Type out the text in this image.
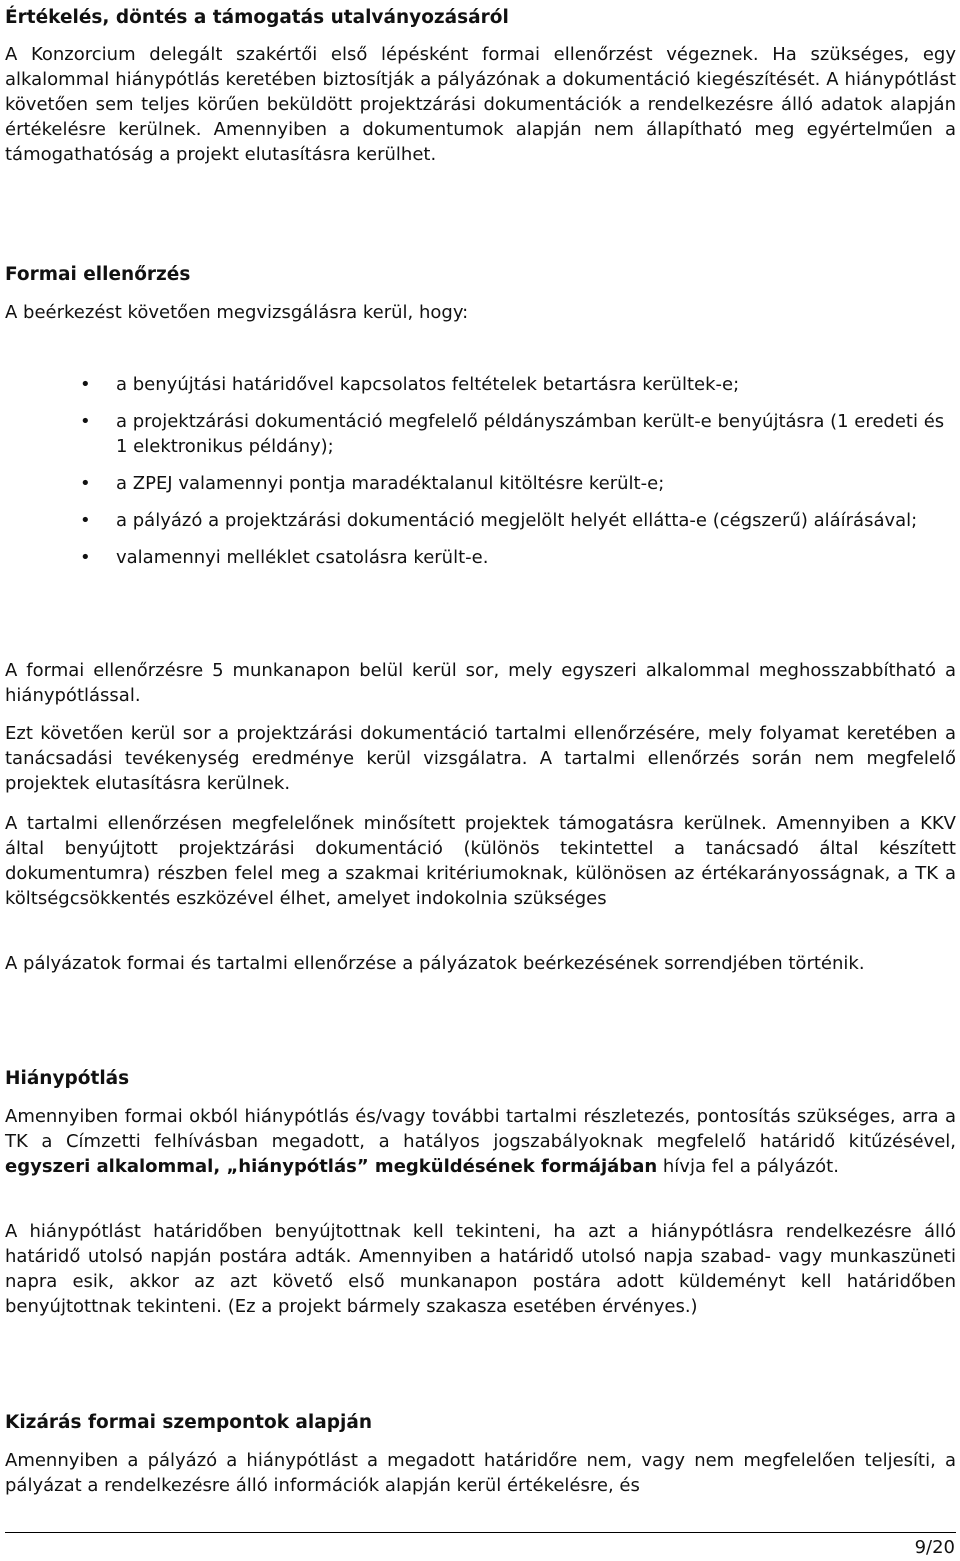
Értékelés, döntés a támogatás utalványozásáról

A Konzorcium delegált szakértői első lépésként formai ellenőrzést végeznek. Ha szükséges, egy alkalommal hiánypótlás keretében biztosítják a pályázónak a dokumentáció kiegészítését. A hiánypótlást követően sem teljes körűen beküldött projektzárási dokumentációk a rendelkezésre álló adatok alapján értékelésre kerülnek. Amennyiben a dokumentumok alapján nem állapítható meg egyértelműen a támogathatóság a projekt elutasításra kerülhet.

Formai ellenőrzés

A beérkezést követően megvizsgálásra kerül, hogy:

• a benyújtási határidővel kapcsolatos feltételek betartásra kerültek-e;
• a projektzárási dokumentáció megfelelő példányszámban került-e benyújtásra (1 eredeti és 1 elektronikus példány);
• a ZPEJ valamennyi pontja maradéktalanul kitöltésre került-e;
• a pályázó a projektzárási dokumentáció megjelölt helyét ellátta-e (cégszerű) aláírásával;
• valamennyi melléklet csatolásra került-e.

A formai ellenőrzésre 5 munkanapon belül kerül sor, mely egyszeri alkalommal meghosszabbítható a hiánypótlással.

Ezt követően kerül sor a projektzárási dokumentáció tartalmi ellenőrzésére, mely folyamat keretében a tanácsadási tevékenység eredménye kerül vizsgálatra. A tartalmi ellenőrzés során nem megfelelő projektek elutasításra kerülnek.

A tartalmi ellenőrzésen megfelelőnek minősített projektek támogatásra kerülnek. Amennyiben a KKV által benyújtott projektzárási dokumentáció (különös tekintettel a tanácsadó által készített dokumentumra) részben felel meg a szakmai kritériumoknak, különösen az értékarányosságnak, a TK a költségcsökkentés eszközével élhet, amelyet indokolnia szükséges

A pályázatok formai és tartalmi ellenőrzése a pályázatok beérkezésének sorrendjében történik.

Hiánypótlás

Amennyiben formai okból hiánypótlás és/vagy további tartalmi részletezés, pontosítás szükséges, arra a TK a Címzetti felhívásban megadott, a hatályos jogszabályoknak megfelelő határidő kitűzésével, egyszeri alkalommal, „hiánypótlás” megküldésének formájában hívja fel a pályázót.

A hiánypótlást határidőben benyújtottnak kell tekinteni, ha azt a hiánypótlásra rendelkezésre álló határidő utolsó napján postára adták. Amennyiben a határidő utolsó napja szabad- vagy munkaszüneti napra esik, akkor az azt követő első munkanapon postára adott küldeményt kell határidőben benyújtottnak tekinteni. (Ez a projekt bármely szakasza esetében érvényes.)

Kizárás formai szempontok alapján

Amennyiben a pályázó a hiánypótlást a megadott határidőre nem, vagy nem megfelelően teljesíti, a pályázat a rendelkezésre álló információk alapján kerül értékelésre, és

9/20
